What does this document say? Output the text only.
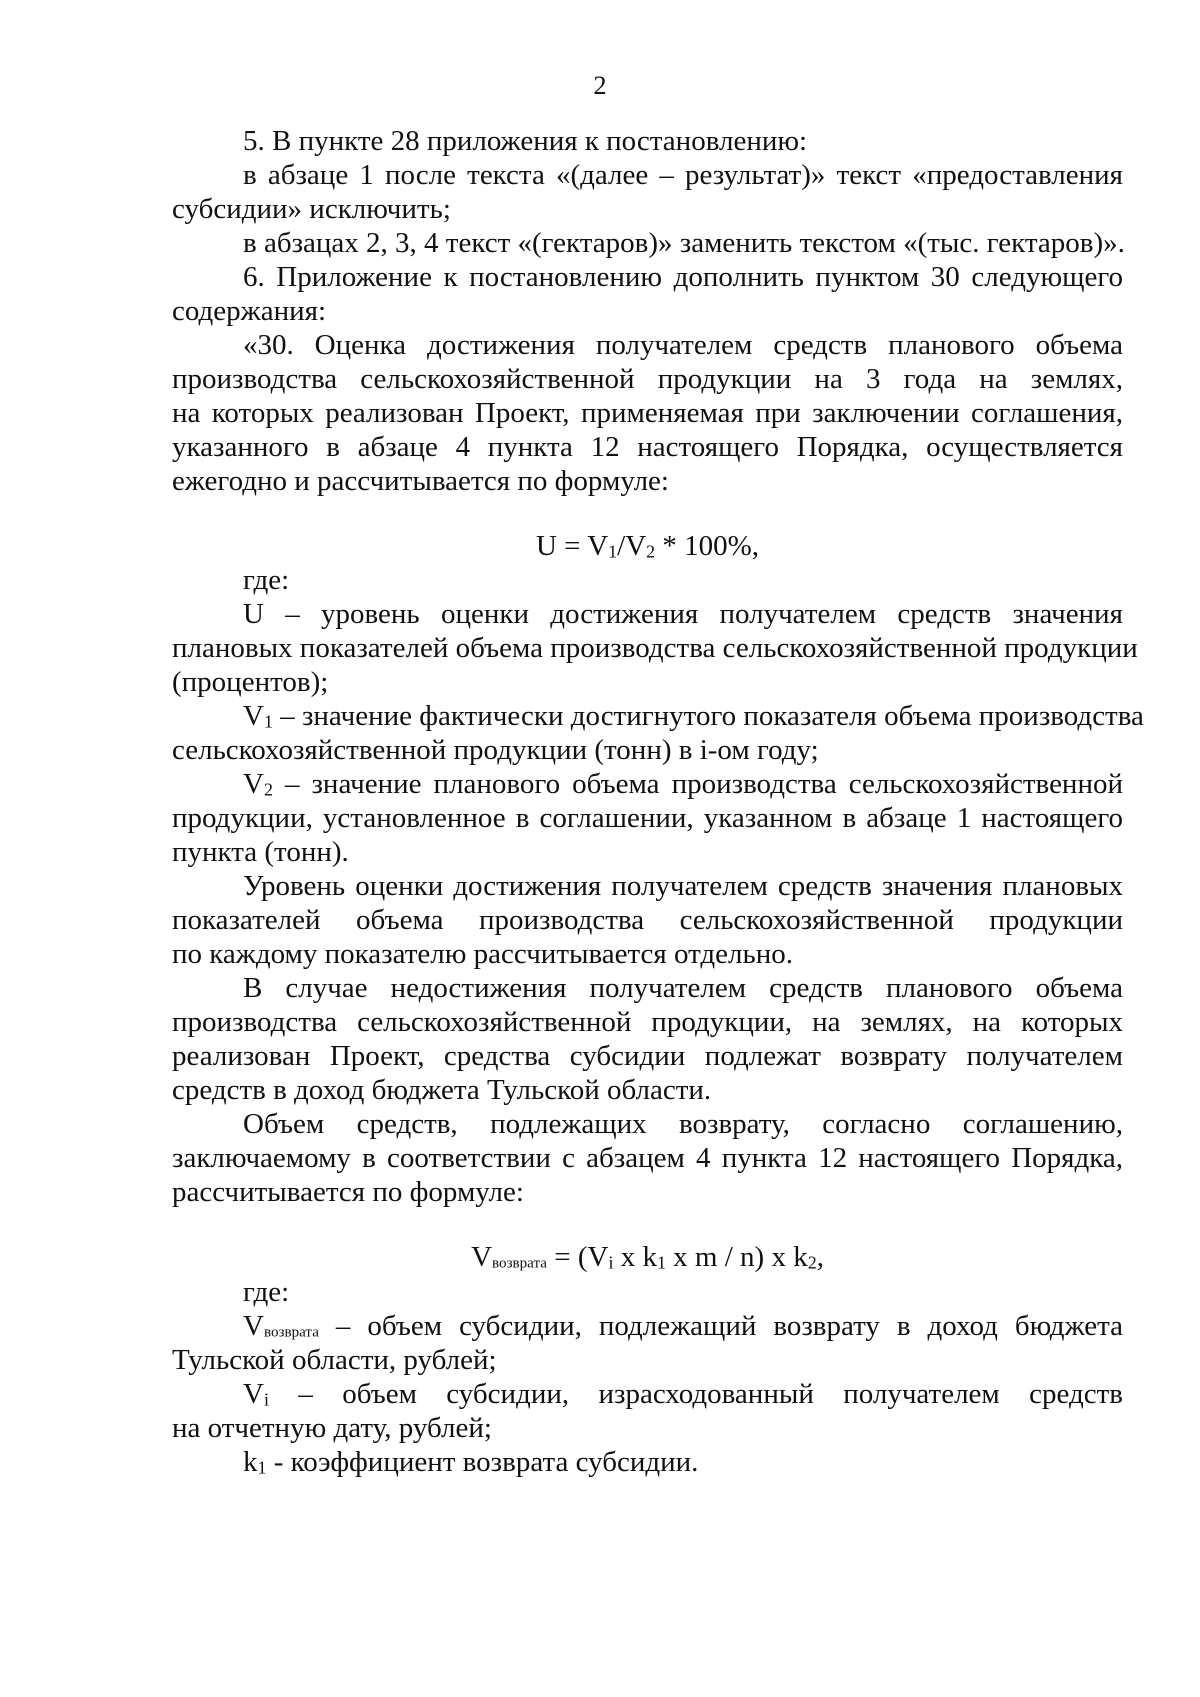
2
5. В пункте 28 приложения к постановлению:
в абзаце 1 после текста «(далее – результат)» текст «предоставления
субсидии» исключить;
в абзацах 2, 3, 4 текст «(гектаров)» заменить текстом «(тыс. гектаров)».
6. Приложение к постановлению дополнить пунктом 30 следующего
содержания:
«30. Оценка достижения получателем средств планового объема
производства сельскохозяйственной продукции на 3 года на землях,
на которых реализован Проект, применяемая при заключении соглашения,
указанного в абзаце 4 пункта 12 настоящего Порядка, осуществляется
ежегодно и рассчитывается по формуле:
U = V1/V2 * 100%,
где:
U – уровень оценки достижения получателем средств значения
плановых показателей объема производства сельскохозяйственной продукции
(процентов);
V1 – значение фактически достигнутого показателя объема производства
сельскохозяйственной продукции (тонн) в i-ом году;
V2 – значение планового объема производства сельскохозяйственной
продукции, установленное в соглашении, указанном в абзаце 1 настоящего
пункта (тонн).
Уровень оценки достижения получателем средств значения плановых
показателей объема производства сельскохозяйственной продукции
по каждому показателю рассчитывается отдельно.
В случае недостижения получателем средств планового объема
производства сельскохозяйственной продукции, на землях, на которых
реализован Проект, средства субсидии подлежат возврату получателем
средств в доход бюджета Тульской области.
Объем средств, подлежащих возврату, согласно соглашению,
заключаемому в соответствии с абзацем 4 пункта 12 настоящего Порядка,
рассчитывается по формуле:
Vвозврата = (Vi x k1 x m / n) x k2,
где:
Vвозврата – объем субсидии, подлежащий возврату в доход бюджета
Тульской области, рублей;
Vi – объем субсидии, израсходованный получателем средств
на отчетную дату, рублей;
k1 - коэффициент возврата субсидии.
